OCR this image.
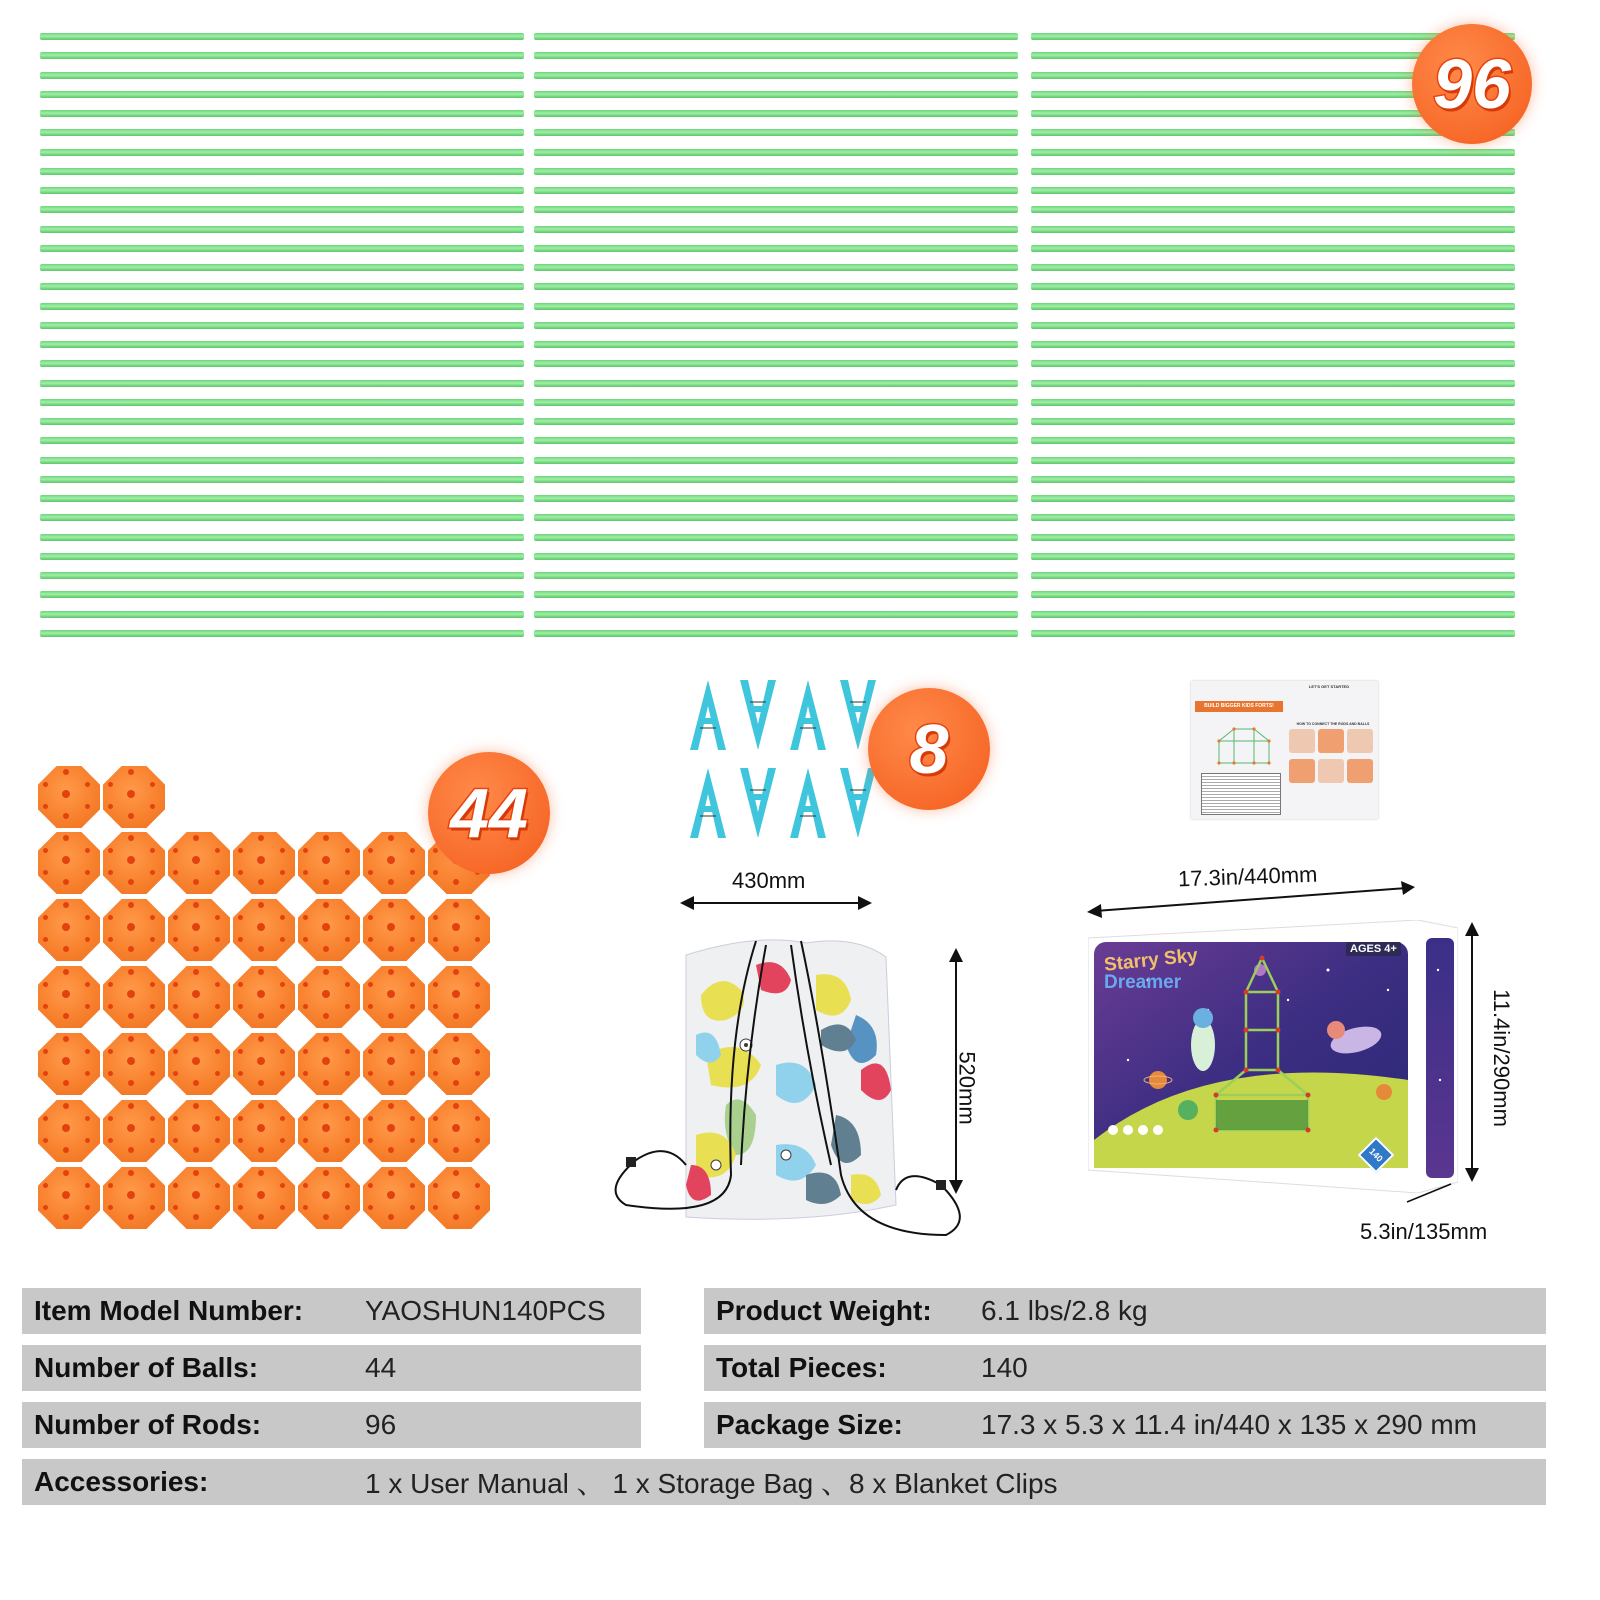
96
44
8
BUILD BIGGER KIDS FORTS!
LET'S GET STARTED
HOW TO CONNECT THE RODS AND BALLS
430mm
520mm
17.3in/440mm
Starry Sky
Dreamer
AGES 4+
140
11.4in/290mm
5.3in/135mm
Item Model Number: YAOSHUN140PCS
Number of Balls:	44
Number of Rods:	96
Product Weight: 6.1 lbs/2.8 kg
Total Pieces:	140
Package Size:	17.3 x 5.3 x 11.4 in/440 x 135 x 290 mm
Accessories:	1 x User Manual 、 1 x Storage Bag 、8 x Blanket Clips
